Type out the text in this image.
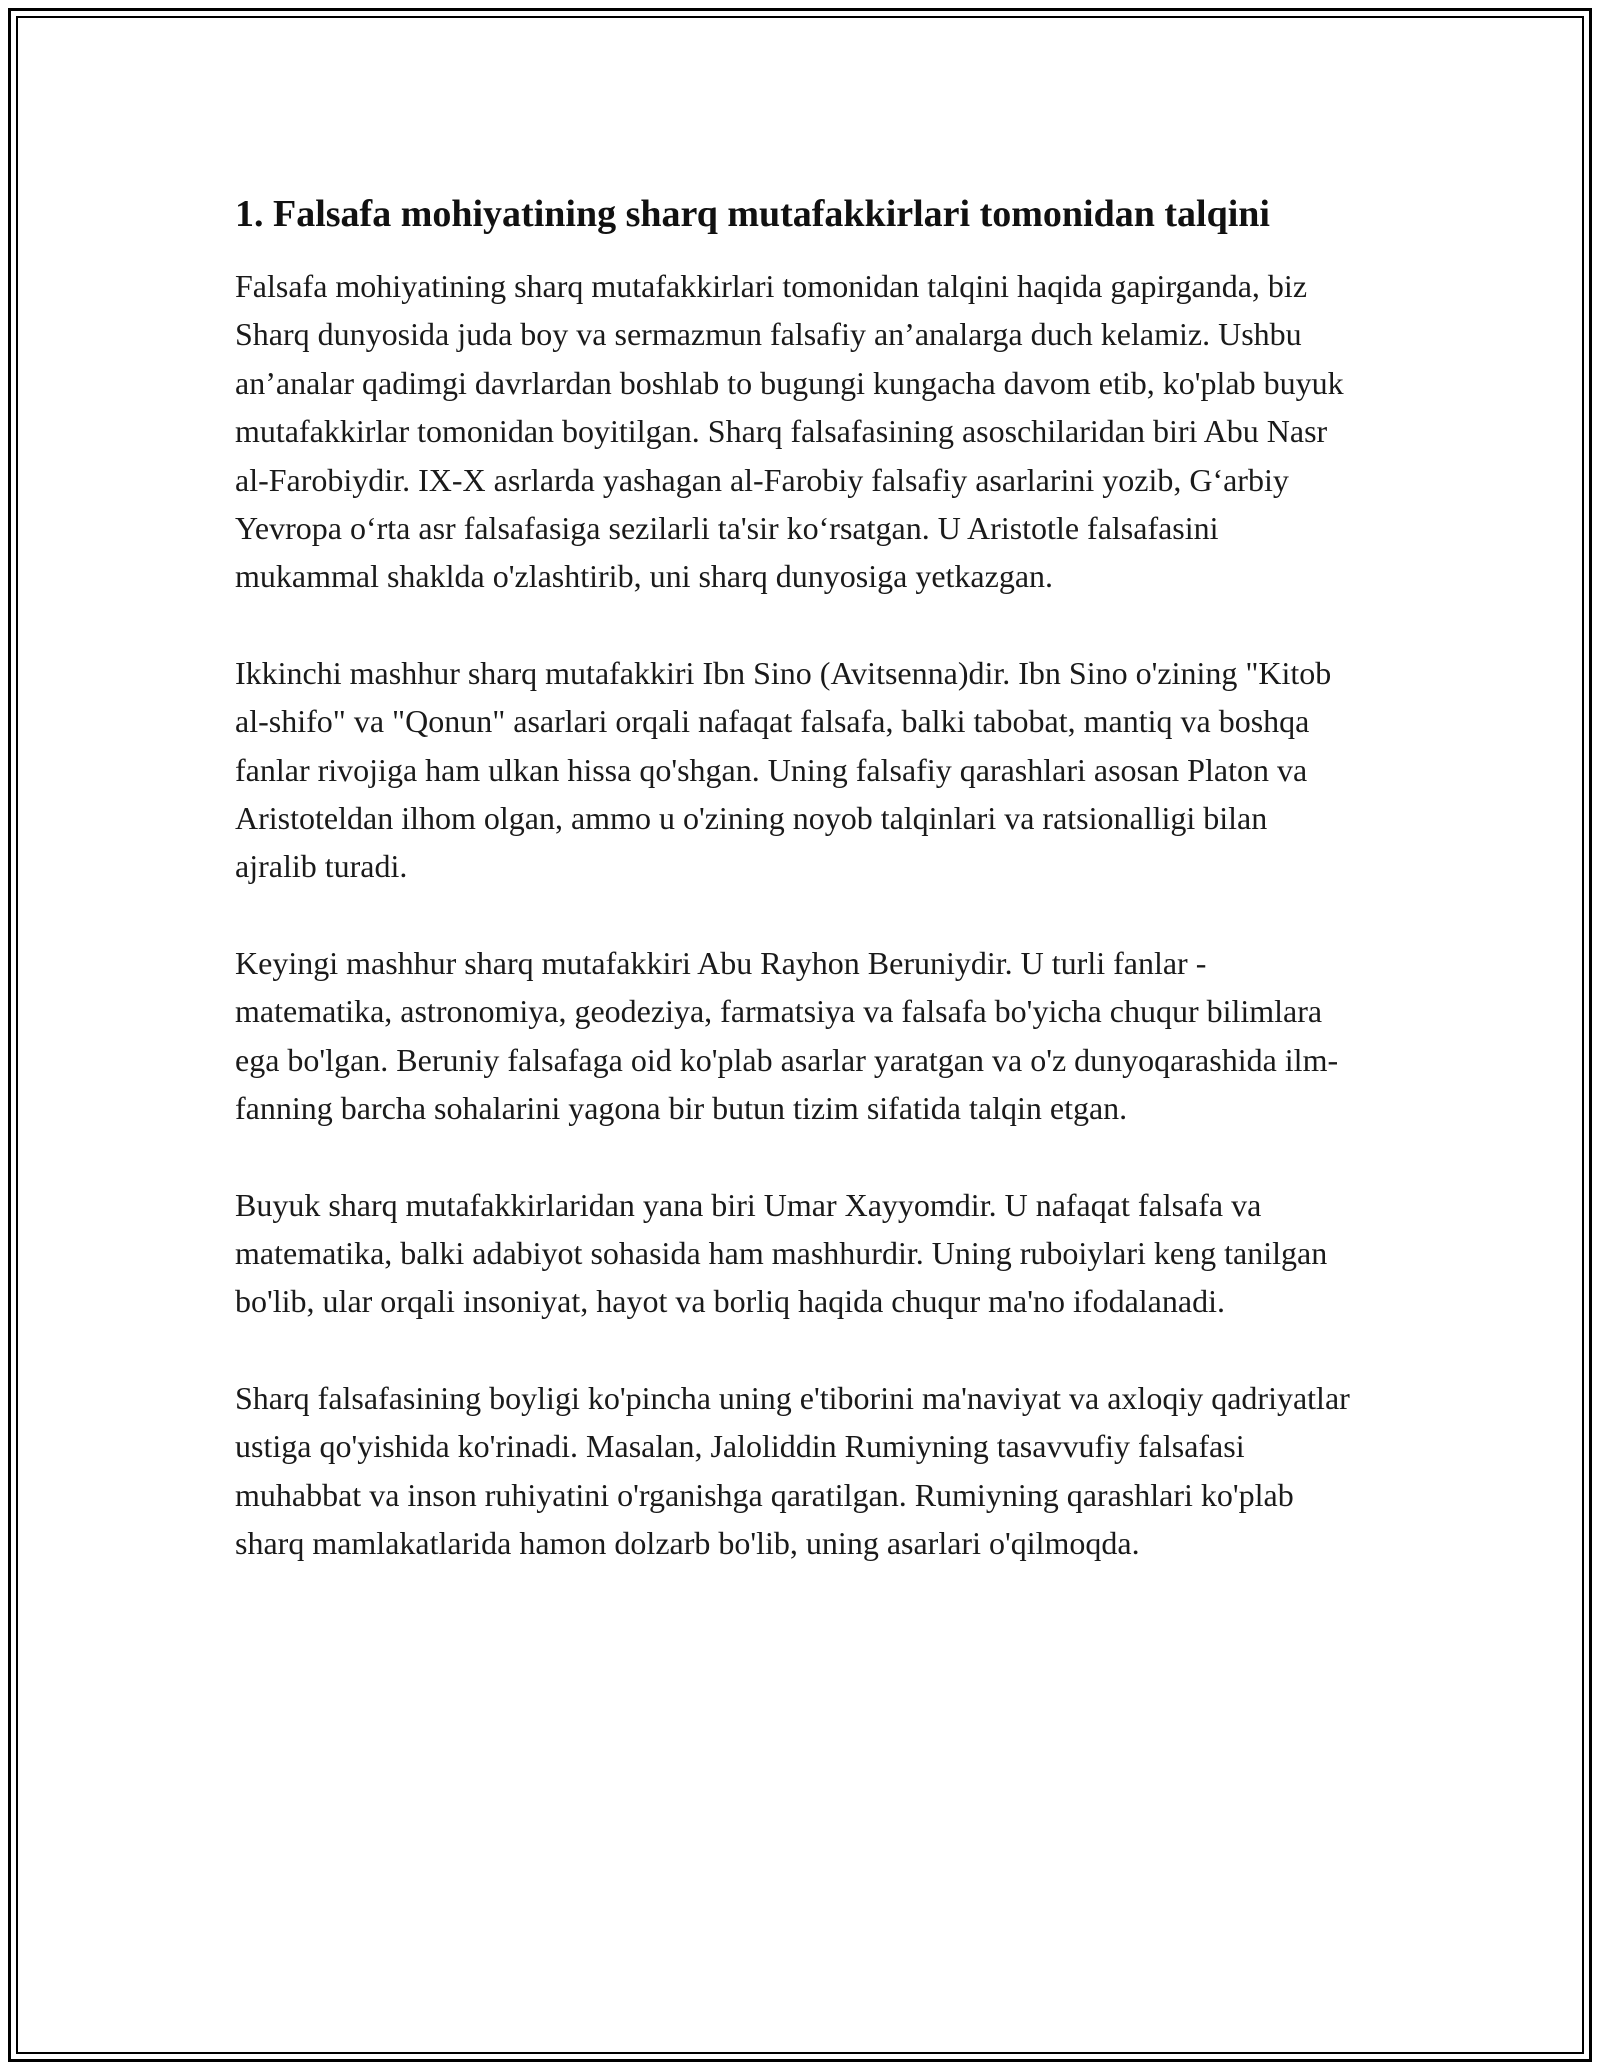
1. Falsafa mohiyatining sharq mutafakkirlari tomonidan talqini

Falsafa mohiyatining sharq mutafakkirlari tomonidan talqini haqida gapirganda, biz Sharq dunyosida juda boy va sermazmun falsafiy an’analarga duch kelamiz. Ushbu an’analar qadimgi davrlardan boshlab to bugungi kungacha davom etib, ko'plab buyuk mutafakkirlar tomonidan boyitilgan. Sharq falsafasining asoschilaridan biri Abu Nasr al-Farobiydir. IX-X asrlarda yashagan al-Farobiy falsafiy asarlarini yozib, G‘arbiy Yevropa o‘rta asr falsafasiga sezilarli ta'sir ko‘rsatgan. U Aristotle falsafasini mukammal shaklda o'zlashtirib, uni sharq dunyosiga yetkazgan.

Ikkinchi mashhur sharq mutafakkiri Ibn Sino (Avitsenna)dir. Ibn Sino o'zining "Kitob al-shifo" va "Qonun" asarlari orqali nafaqat falsafa, balki tabobat, mantiq va boshqa fanlar rivojiga ham ulkan hissa qo'shgan. Uning falsafiy qarashlari asosan Platon va Aristoteldan ilhom olgan, ammo u o'zining noyob talqinlari va ratsionalligi bilan ajralib turadi.

Keyingi mashhur sharq mutafakkiri Abu Rayhon Beruniydir. U turli fanlar - matematika, astronomiya, geodeziya, farmatsiya va falsafa bo'yicha chuqur bilimlara ega bo'lgan. Beruniy falsafaga oid ko'plab asarlar yaratgan va o'z dunyoqarashida ilm-fanning barcha sohalarini yagona bir butun tizim sifatida talqin etgan.

Buyuk sharq mutafakkirlaridan yana biri Umar Xayyomdir. U nafaqat falsafa va matematika, balki adabiyot sohasida ham mashhurdir. Uning ruboiylari keng tanilgan bo'lib, ular orqali insoniyat, hayot va borliq haqida chuqur ma'no ifodalanadi.

Sharq falsafasining boyligi ko'pincha uning e'tiborini ma'naviyat va axloqiy qadriyatlar ustiga qo'yishida ko'rinadi. Masalan, Jaloliddin Rumiyning tasavvufiy falsafasi muhabbat va inson ruhiyatini o'rganishga qaratilgan. Rumiyning qarashlari ko'plab sharq mamlakatlarida hamon dolzarb bo'lib, uning asarlari o'qilmoqda.
